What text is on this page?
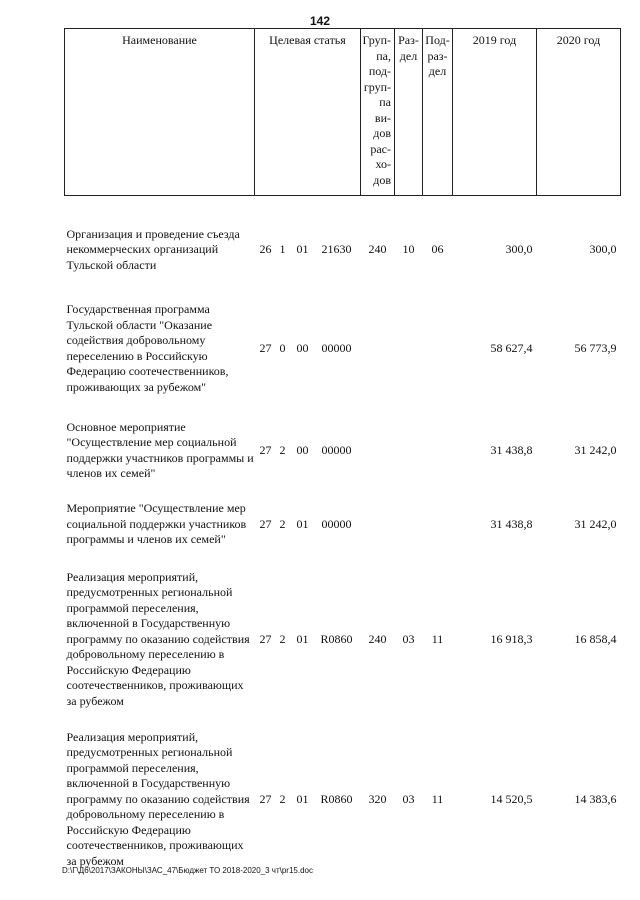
142
Наименование	Целевая статья	Груп-па, под-груп-па ви-дов рас-хо-дов	Раз-дел	Под-раз-дел	2019 год	2020 год
Организация и проведение съезда некоммерческих организаций Тульской области	26 1 01 21630	240	10	06	300,0	300,0
Государственная программа Тульской области "Оказание содействия добровольному переселению в Российскую Федерацию соотечественников, проживающих за рубежом"	27 0 00 00000				58 627,4	56 773,9
Основное мероприятие "Осуществление мер социальной поддержки участников программы и членов их семей"	27 2 00 00000				31 438,8	31 242,0
Мероприятие "Осуществление мер социальной поддержки участников программы и членов их семей"	27 2 01 00000				31 438,8	31 242,0
Реализация мероприятий, предусмотренных региональной программой переселения, включенной в Государственную программу по оказанию содействия добровольному переселению в Российскую Федерацию соотечественников, проживающих за рубежом	27 2 01 R0860	240	03	11	16 918,3	16 858,4
Реализация мероприятий, предусмотренных региональной программой переселения, включенной в Государственную программу по оказанию содействия добровольному переселению в Российскую Федерацию соотечественников, проживающих за рубежом	27 2 01 R0860	320	03	11	14 520,5	14 383,6
D:\Г\Д6\2017\ЗАКОНЫ\ЗАС_47\Бюджет ТО 2018-2020_3 чт\pr15.doc
